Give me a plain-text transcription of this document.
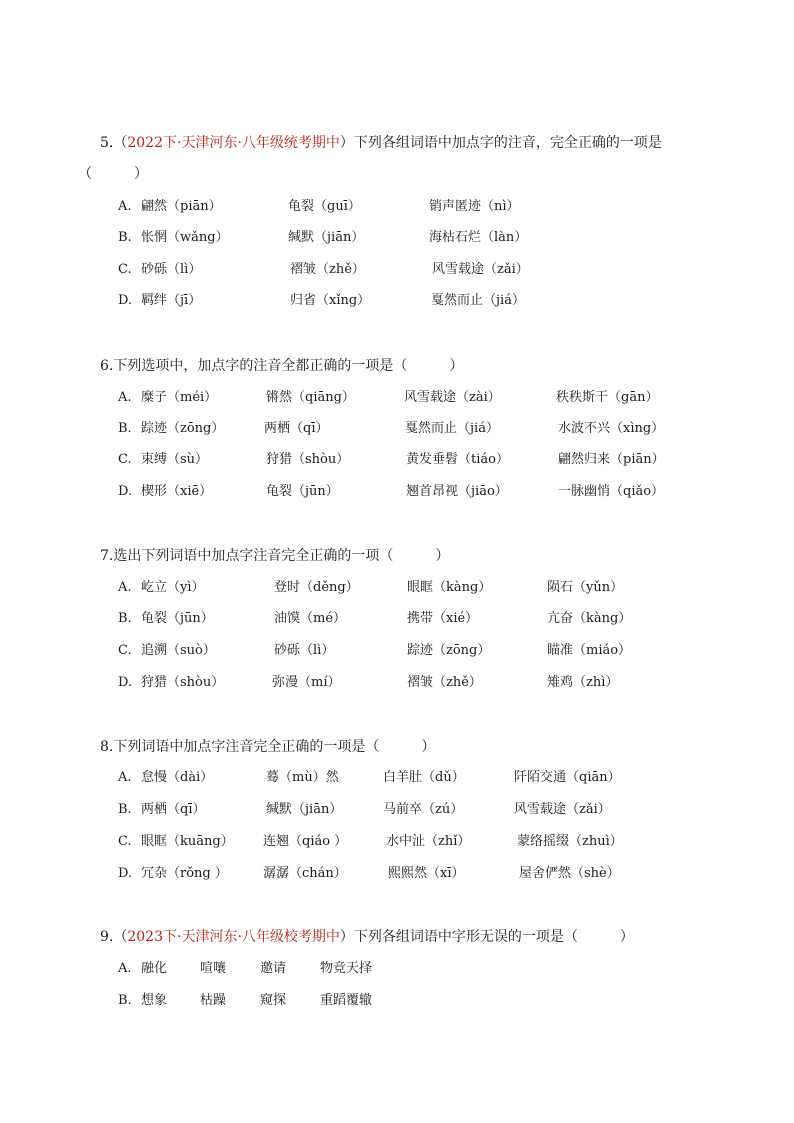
5.（2022下·天津河东·八年级统考期中）下列各组词语中加点字的注音，完全正确的一项是
（　　　）
A. 翩然（piān）	龟裂（ɡuī）	销声匿迹（nì）
B. 怅惘（wǎng）	缄默（jiān）	海枯石烂（làn）
C. 砂砾（lì）	褶皱（zhě）	风雪载途（zǎi）
D. 羁绊（jī）	归省（xǐng）	戛然而止（jiá）
6.下列选项中，加点字的注音全都正确的一项是（　　　）
A. 糜子（méi）	锵然（qiāng）	风雪载途（zài）	秩秩斯干（gān）
B. 踪迹（zōng）	两栖（qī）	戛然而止（jiá）	水波不兴（xìng）
C. 束缚（sù）	狩猎（shòu）	黄发垂髫（tiáo）	翩然归来（piān）
D. 楔形（xiē）	龟裂（jūn）	翘首昂视（jiāo）	一脉幽悄（qiǎo）
7.选出下列词语中加点字注音完全正确的一项（　　　）
A. 屹立（yì）	登时（děng）	眼眶（kàng）	陨石（yǔn）
B. 龟裂（jūn）	油馍（mé）	携带（xié）	亢奋（kàng）
C. 追溯（suò）	砂砾（lì）	踪迹（zōng）	瞄准（miáo）
D. 狩猎（shòu）	弥漫（mí）	褶皱（zhě）	雉鸡（zhì）
8.下列词语中加点字注音完全正确的一项是（　　　）
A. 怠慢（dài）	蓦（mù）然	白羊肚（dǔ）	阡陌交通（qiān）
B. 两栖（qī）	缄默（jiān）	马前卒（zú）	风雪载途（zǎi）
C. 眼眶（kuāng） 连翘（qiáo ）	水中沚（zhǐ）	蒙络摇缀（zhuì）
D. 冗杂（rǒng ）	潺潺（chán）	熙熙然（xī）	屋舍俨然（shè）
9.（2023下·天津河东·八年级校考期中）下列各组词语中字形无误的一项是（　　　）
A. 融化	喧嚷	邀请	物竞天择
B. 想象	枯躁	窥探	重蹈覆辙
